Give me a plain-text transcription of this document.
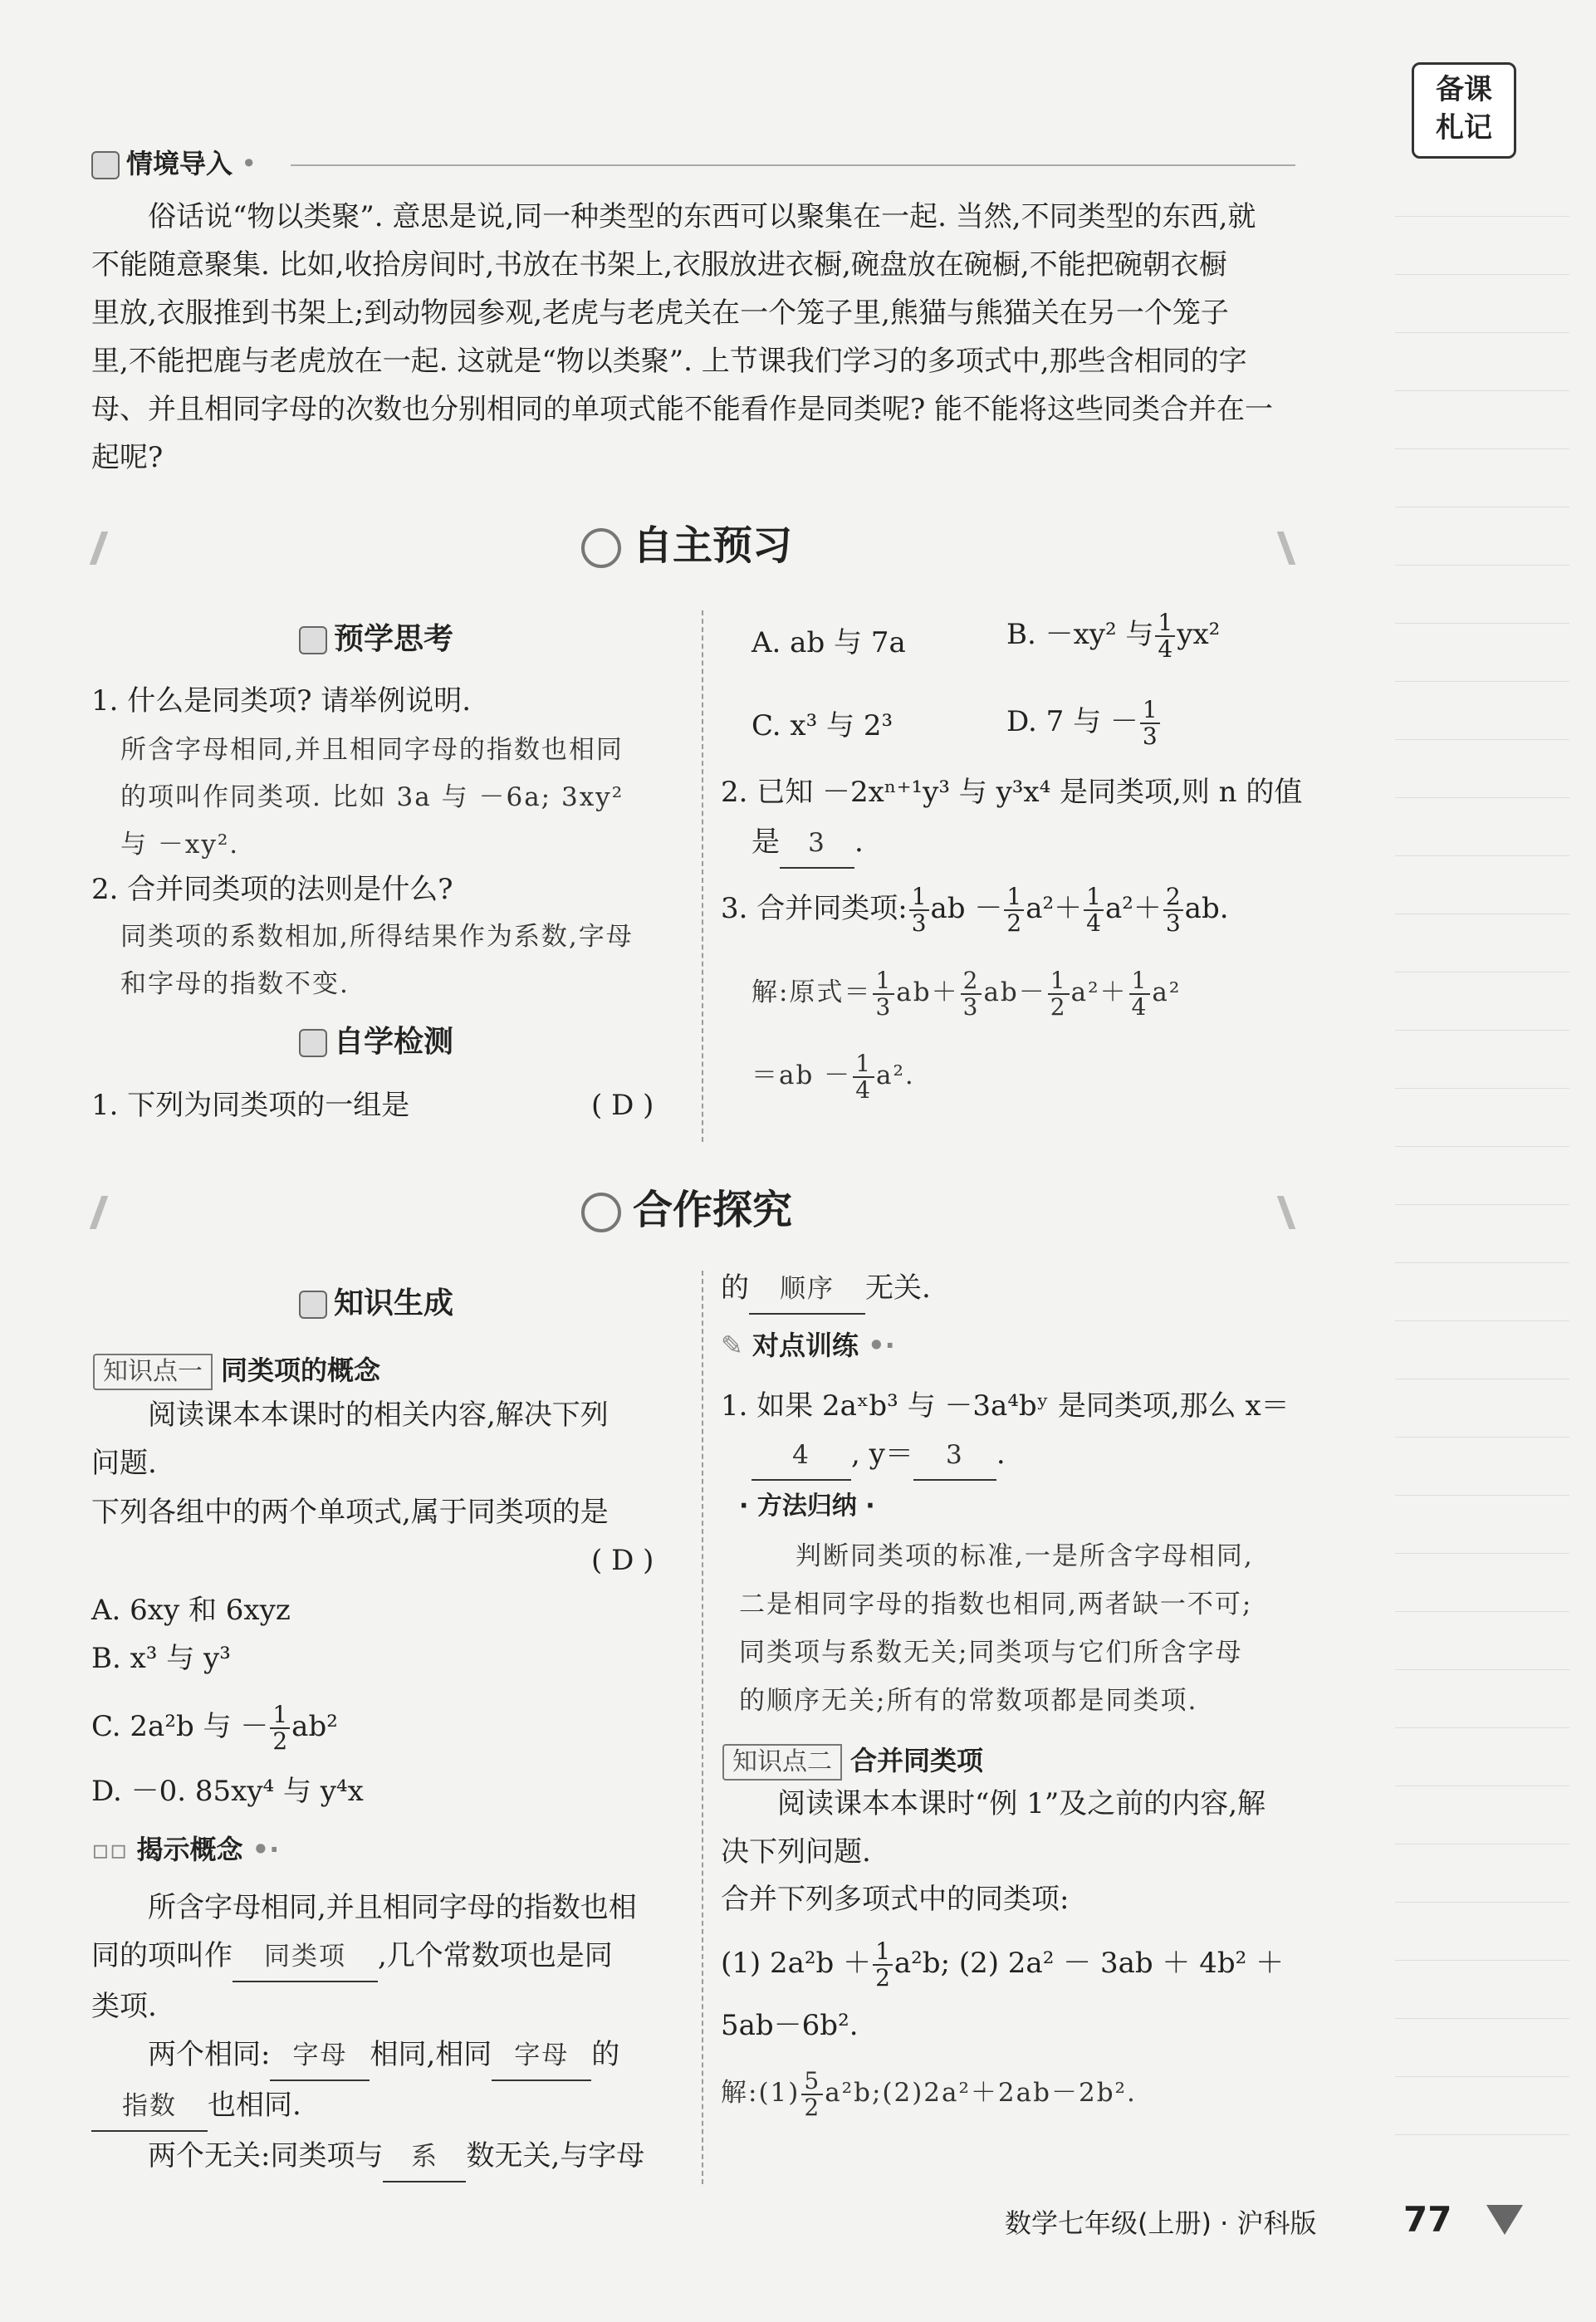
备课
札记
情境导入 •
俗话说“物以类聚”. 意思是说,同一种类型的东西可以聚集在一起. 当然,不同类型的东西,就
不能随意聚集. 比如,收拾房间时,书放在书架上,衣服放进衣橱,碗盘放在碗橱,不能把碗朝衣橱
里放,衣服推到书架上;到动物园参观,老虎与老虎关在一个笼子里,熊猫与熊猫关在另一个笼子
里,不能把鹿与老虎放在一起. 这就是“物以类聚”. 上节课我们学习的多项式中,那些含相同的字
母、并且相同字母的次数也分别相同的单项式能不能看作是同类呢? 能不能将这些同类合并在一
起呢?
自主预习
预学思考
1. 什么是同类项? 请举例说明.
所含字母相同,并且相同字母的指数也相同
的项叫作同类项. 比如 3a 与 －6a; 3xy²
与 －xy².
2. 合并同类项的法则是什么?
同类项的系数相加,所得结果作为系数,字母
和字母的指数不变.
自学检测
1. 下列为同类项的一组是	( D )
A. ab 与 7a	B. －xy² 与 $\frac{1}{4} yx^2$
C. x³ 与 2³	D. 7 与 － $\frac{1}{3}$
2. 已知 －2xⁿ⁺¹y³ 与 y³x⁴ 是同类项,则 n 的值
是 3 .
3. 合并同类项: $\frac{1}{3}$ ab － $\frac{1}{2} a^2+ \frac{1}{4} a^2+ \frac{2}{3}$ ab.
解:原式＝ $\frac{1}{3} ab+ \frac{2}{3} ab- \frac{1}{2} a^2+ \frac{1}{4} a^2$
$=ab - \frac{1}{4} a^2$.
合作探究
知识生成
知识点一 同类项的概念
阅读课本本课时的相关内容,解决下列
问题.
下列各组中的两个单项式,属于同类项的是
( D )
A. 6xy 和 6xyz
B. x³ 与 y³
C. 2a²b 与 － $\frac{1}{2} ab^2$
D. －0. 85xy⁴ 与 y⁴x
▫▫ 揭示概念 •·
所含字母相同,并且相同字母的指数也相
同的项叫作 同类项 ,几个常数项也是同
类项.
两个相同: 字母 相同,相同 字母 的
指数 也相同.
两个无关:同类项与 系 数无关,与字母
的 顺序 无关.
✎ 对点训练 •·
1. 如果 2aˣb³ 与 －3a⁴bʸ 是同类项,那么 x＝
4 , y＝ 3 .
· 方法归纳 ·
判断同类项的标准,一是所含字母相同,
二是相同字母的指数也相同,两者缺一不可;
同类项与系数无关;同类项与它们所含字母
的顺序无关;所有的常数项都是同类项.
知识点二 合并同类项
阅读课本本课时“例 1”及之前的内容,解
决下列问题.
合并下列多项式中的同类项:
(1) $2a^2b + \frac{1}{2} a^2b$; (2) 2a² － 3ab ＋ 4b² ＋
5ab－6b².
解:(1) $\frac{5}{2}$ a²b;(2)2a²＋2ab－2b².
数学七年级(上册) · 沪科版 77
